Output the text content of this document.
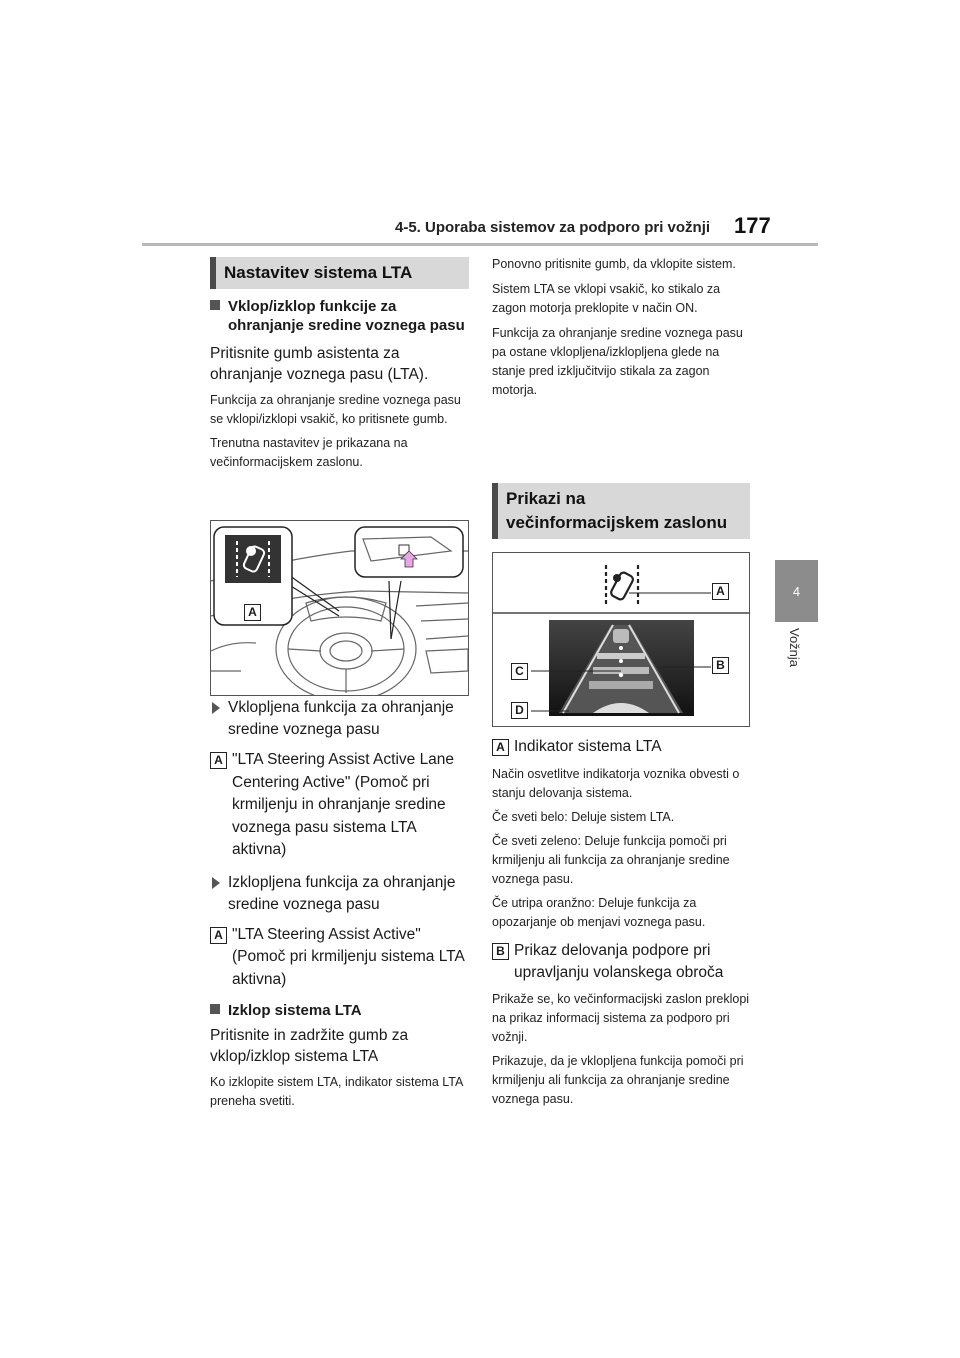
4-5. Uporaba sistemov za podporo pri vožnji 177
4
Vožnja
Nastavitev sistema LTA
Vklop/izklop funkcije za ohranjanje sredine voznega pasu

Pritisnite gumb asistenta za ohranjanje voznega pasu (LTA).

Funkcija za ohranjanje sredine voznega pasu se vklopi/izklopi vsakič, ko pritisnete gumb.

Trenutna nastavitev je prikazana na večinformacijskem zaslonu.

A
Vklopljena funkcija za ohranjanje sredine voznega pasu
A "LTA Steering Assist Active Lane Centering Active" (Pomoč pri krmiljenju in ohranjanje sredine voznega pasu sistema LTA aktivna)
Izklopljena funkcija za ohranjanje sredine voznega pasu
A "LTA Steering Assist Active" (Pomoč pri krmiljenju sistema LTA aktivna)
Izklop sistema LTA

Pritisnite in zadržite gumb za vklop/izklop sistema LTA

Ko izklopite sistem LTA, indikator sistema LTA preneha svetiti.

Ponovno pritisnite gumb, da vklopite sistem.

Sistem LTA se vklopi vsakič, ko stikalo za zagon motorja preklopite v način ON.

Funkcija za ohranjanje sredine voznega pasu pa ostane vklopljena/izklopljena glede na stanje pred izključitvijo stikala za zagon motorja.

Prikazi na
večinformacijskem zaslonu
A
B
C
D
A Indikator sistema LTA

Način osvetlitve indikatorja voznika obvesti o stanju delovanja sistema.

Če sveti belo: Deluje sistem LTA.

Če sveti zeleno: Deluje funkcija pomoči pri krmiljenju ali funkcija za ohranjanje sredine voznega pasu.

Če utripa oranžno: Deluje funkcija za opozarjanje ob menjavi voznega pasu.

B Prikaz delovanja podpore pri upravljanju volanskega obroča

Prikaže se, ko večinformacijski zaslon preklopi na prikaz informacij sistema za podporo pri vožnji.

Prikazuje, da je vklopljena funkcija pomoči pri krmiljenju ali funkcija za ohranjanje sredine voznega pasu.
